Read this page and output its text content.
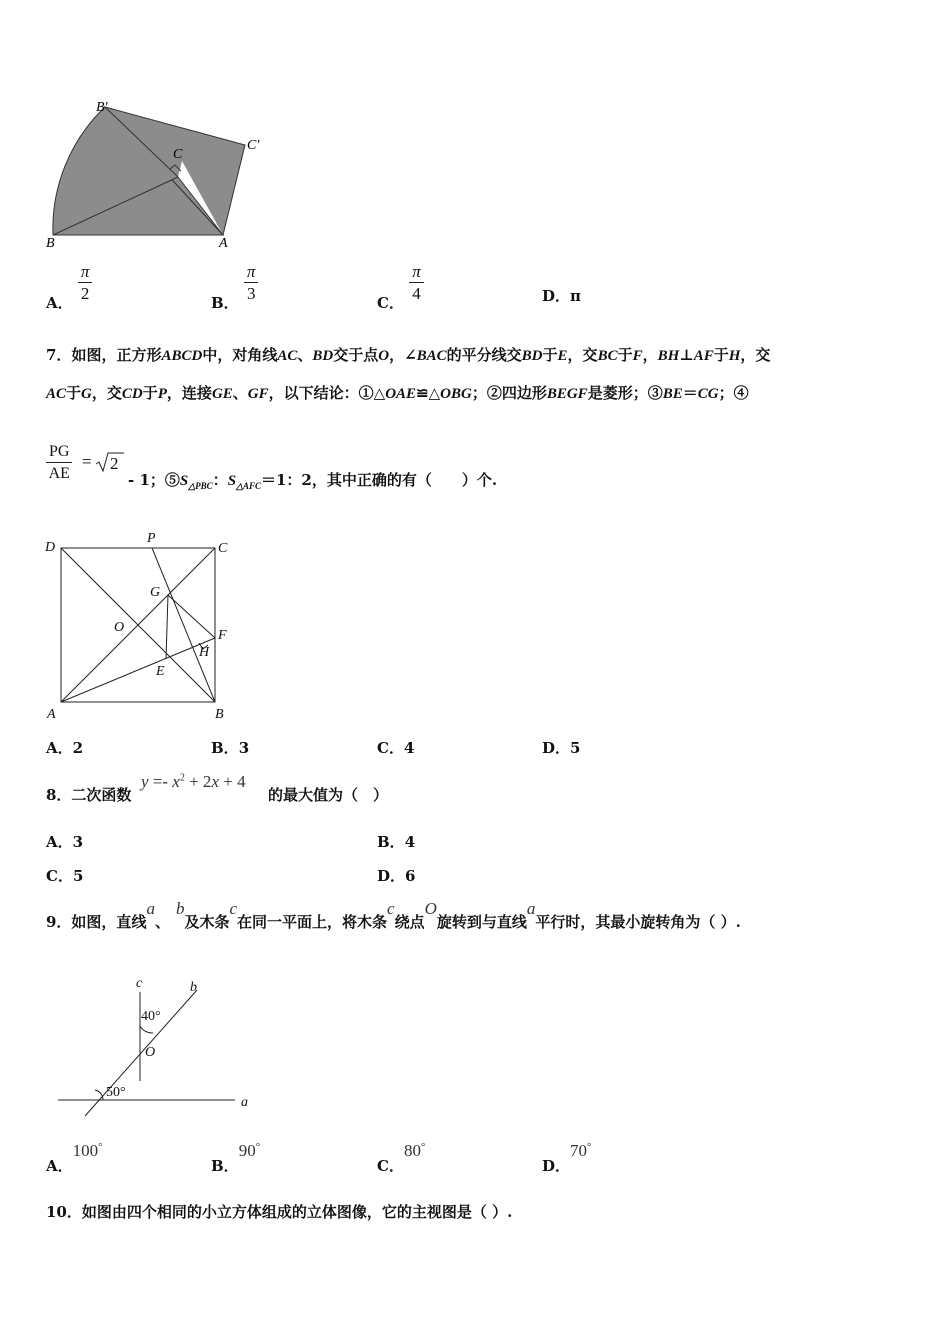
B'
C
C'
B	A
A． $\frac{\pi}{2}$	B． $\frac{\pi}{3}$	C． $\frac{\pi}{4}$	D．π
7．如图，正方形ABCD中，对角线AC、BD交于点O，∠BAC的平分线交BD于E，交BC于F，BH⊥AF于H，交
AC于G，交CD于P，连接GE、GF，以下结论：①△OAE≌△OBG；②四边形BEGF是菱形；③BE＝CG；④
$\frac{PG}{AE} = 2$
- 1；$⑤S_{\triangle PBC}$：$S_{\triangle AFC}=1$：2，其中正确的有（　　）个.
D
P
C
G
O
F
H
E
A	B
A．2	B．3	C．4	D．5
8．二次函数
$y =- x^2 + 2x + 4$
的最大值为（　）
A．3	B．4
C．5	D．6
9．如图，直线a、b及木条c在同一平面上，将木条c绕点O旋转到与直线a平行时，其最小旋转角为（ ）.
c	b
40°
O
50°
a
A．100°
B．90°
C．80°
D．70°
10．如图由四个相同的小立方体组成的立体图像，它的主视图是（ ）.
